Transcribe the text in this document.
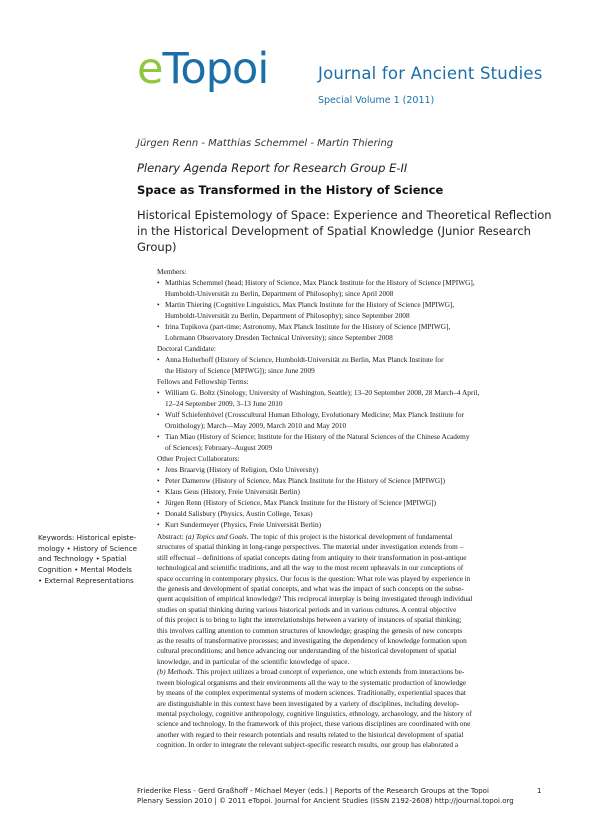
eTopoi	Journal for Ancient Studies
Special Volume 1 (2011)
Jürgen Renn - Matthias Schemmel - Martin Thiering
Plenary Agenda Report for Research Group E-II
Space as Transformed in the History of Science
Historical Epistemology of Space: Experience and Theoretical Reflection in the Historical Development of Spatial Knowledge (Junior Research Group)
Members:
• Matthias Schemmel (head; History of Science, Max Planck Institute for the History of Science [MPIWG],
Humboldt-Universität zu Berlin, Department of Philosophy); since April 2008
• Martin Thiering (Cognitive Linguistics, Max Planck Institute for the History of Science [MPIWG],
Humboldt-Universität zu Berlin, Department of Philosophy); since September 2008
• Irina Tupikova (part-time; Astronomy, Max Planck Institute for the History of Science [MPIWG],
Lohrmann Observatory Dresden Technical University); since September 2008
Doctoral Candidate:
• Anna Holterhoff (History of Science, Humboldt-Universität zu Berlin, Max Planck Institute for
the History of Science [MPIWG]); since June 2009
Fellows and Fellowship Terms:
• William G. Boltz (Sinology, University of Washington, Seattle); 13–20 September 2008, 28 March–4 April,
12–24 September 2009, 3–13 June 2010
• Wulf Schiefenhövel (Crosscultural Human Ethology, Evolutionary Medicine; Max Planck Institute for
Ornithology); March—May 2009, March 2010 and May 2010
• Tian Miao (History of Science; Institute for the History of the Natural Sciences of the Chinese Academy
of Sciences); February–August 2009
Other Project Collaborators:
• Jens Braarvig (History of Religion, Oslo University)
• Peter Damerow (History of Science, Max Planck Institute for the History of Science [MPIWG])
• Klaus Geus (History, Freie Universität Berlin)
• Jürgen Renn (History of Science, Max Planck Institute for the History of Science [MPIWG])
• Donald Salisbury (Physics, Austin College, Texas)
• Kurt Sundermeyer (Physics, Freie Universität Berlin)
Keywords: Historical episte-
mology • History of Science
and Technology • Spatial
Cognition • Mental Models
• External Representations
Abstract: (a) Topics and Goals. The topic of this project is the historical development of fundamental
structures of spatial thinking in long-range perspectives. The material under investigation extends from –
still effectual – definitions of spatial concepts dating from antiquity to their transformation in post-antique
technological and scientific traditions, and all the way to the most recent upheavals in our conceptions of
space occurring in contemporary physics. Our focus is the question: What role was played by experience in
the genesis and development of spatial concepts, and what was the impact of such concepts on the subse-
quent acquisition of empirical knowledge? This reciprocal interplay is being investigated through individual
studies on spatial thinking during various historical periods and in various cultures. A central objective
of this project is to bring to light the interrelationships between a variety of instances of spatial thinking;
this involves calling attention to common structures of knowledge; grasping the genesis of new concepts
as the results of transformative processes; and investigating the dependency of knowledge formation upon
cultural preconditions; and hence advancing our understanding of the historical development of spatial
knowledge, and in particular of the scientific knowledge of space.
(b) Methods. This project utilizes a broad concept of experience, one which extends from interactions be-
tween biological organisms and their environments all the way to the systematic production of knowledge
by means of the complex experimental systems of modern sciences. Traditionally, experiential spaces that
are distinguishable in this context have been investigated by a variety of disciplines, including develop-
mental psychology, cognitive anthropology, cognitive linguistics, ethnology, archaeology, and the history of
science and technology. In the framework of this project, these various disciplines are coordinated with one
another with regard to their research potentials and results related to the historical development of spatial
cognition. In order to integrate the relevant subject-specific research results, our group has elaborated a
Friederike Fless - Gerd Graßhoff - Michael Meyer (eds.) | Reports of the Research Groups at the Topoi
Plenary Session 2010 | © 2011 eTopoi. Journal for Ancient Studies (ISSN 2192-2608) http://journal.topoi.org
1
